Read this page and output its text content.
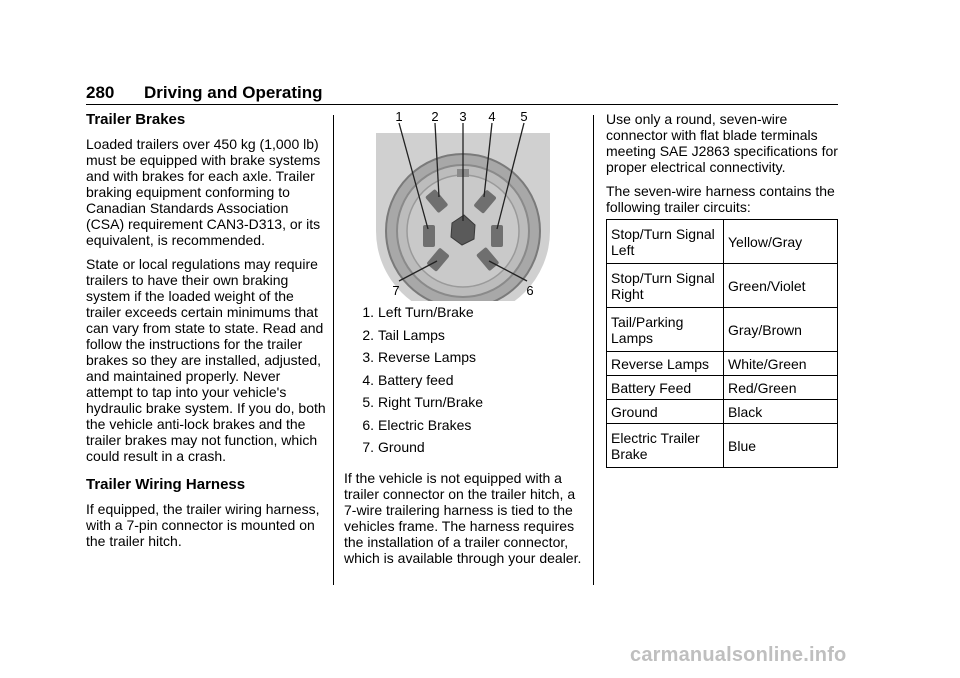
280 Driving and Operating
Trailer Brakes

Loaded trailers over 450 kg (1,000 lb) must be equipped with brake systems and with brakes for each axle. Trailer braking equipment conforming to Canadian Standards Association (CSA) requirement CAN3-D313, or its equivalent, is recommended.

State or local regulations may require trailers to have their own braking system if the loaded weight of the trailer exceeds certain minimums that can vary from state to state. Read and follow the instructions for the trailer brakes so they are installed, adjusted, and maintained properly. Never attempt to tap into your vehicle's hydraulic brake system. If you do, both the vehicle anti-lock brakes and the trailer brakes may not function, which could result in a crash.

Trailer Wiring Harness

If equipped, the trailer wiring harness, with a 7-pin connector is mounted on the trailer hitch.

1 2 3 4 5
6
7
1. Left Turn/Brake
2. Tail Lamps
3. Reverse Lamps
4. Battery feed
5. Right Turn/Brake
6. Electric Brakes
7. Ground

If the vehicle is not equipped with a trailer connector on the trailer hitch, a 7-wire trailering harness is tied to the vehicles frame. The harness requires the installation of a trailer connector, which is available through your dealer.

Use only a round, seven-wire connector with flat blade terminals meeting SAE J2863 specifications for proper electrical connectivity.

The seven-wire harness contains the following trailer circuits:

Stop/Turn Signal Left	Yellow/Gray
Stop/Turn Signal Right	Green/Violet
Tail/Parking Lamps	Gray/Brown
Reverse Lamps	White/Green
Battery Feed	Red/Green
Ground	Black
Electric Trailer Brake	Blue
carmanualsonline.info
